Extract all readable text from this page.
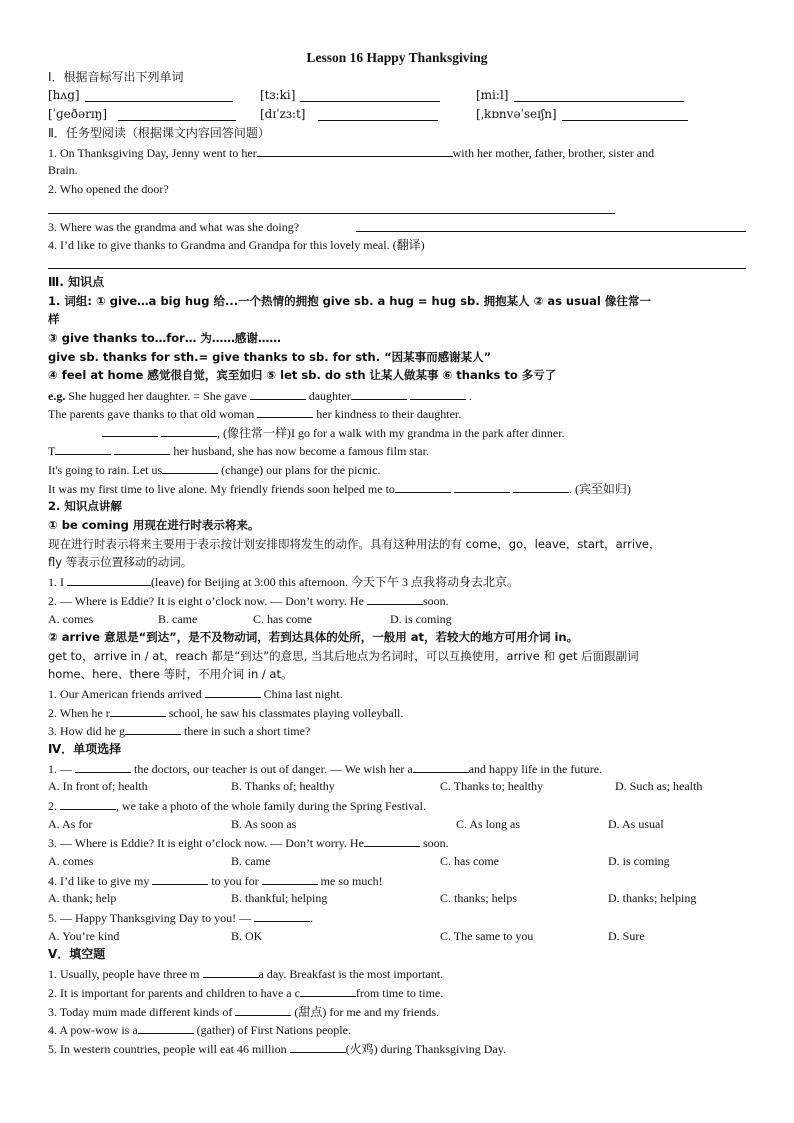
Lesson 16 Happy Thanksgiving
Ⅰ．根据音标写出下列单词
[hʌg]	[tɜ:ki]	[mi:l]
[ˈɡeðərɪŋ]	[dɪˈzɜ:t]	[ˌkɒnvəˈseɪʃn]
Ⅱ．任务型阅读（根据课文内容回答问题）
1. On Thanksgiving Day, Jenny went to her	with her mother, father, brother, sister and
Brain.
2. Who opened the door?
3. Where was the grandma and what was she doing?
4. I’d like to give thanks to Grandma and Grandpa for this lovely meal. (翻译)
Ⅲ. 知识点
1. 词组: ① give…a big hug 给...一个热情的拥抱 give sb. a hug = hug sb. 拥抱某人 ② as usual 像往常一
样
③ give thanks to…for… 为……感谢……
give sb. thanks for sth.= give thanks to sb. for sth. “因某事而感谢某人”
④ feel at home 感觉很自觉，宾至如归 ⑤ let sb. do sth 让某人做某事 ⑥ thanks to 多亏了
e.g. She hugged her daughter. = She gave	daughter	.
The parents gave thanks to that old woman	her kindness to their daughter.
, (像往常一样)I go for a walk with my grandma in the park after dinner.
T	her husband, she has now become a famous film star.
It's going to rain. Let us	(change) our plans for the picnic.
It was my first time to live alone. My friendly friends soon helped me to	. (宾至如归)
2. 知识点讲解
① be coming 用现在进行时表示将来。
现在进行时表示将来主要用于表示按计划安排即将发生的动作。具有这种用法的有 come，go，leave，start，arrive，
fly 等表示位置移动的动词。
1. I	(leave) for Beijing at 3:00 this afternoon. 今天下午 3 点我将动身去北京。
2. — Where is Eddie? It is eight o’clock now. — Don’t worry. He	soon.
A. comes	B. came	C. has come	D. is coming
② arrive 意思是“到达”，是不及物动词，若到达具体的处所，一般用 at，若较大的地方可用介词 in。
get to，arrive in / at，reach 都是“到达”的意思, 当其后地点为名词时，可以互换使用，arrive 和 get 后面跟副词
home、here、there 等时，不用介词 in / at。
1. Our American friends arrived	China last night.
2. When he r	school, he saw his classmates playing volleyball.
3. How did he g	there in such a short time?
Ⅳ．单项选择
1. —	the doctors, our teacher is out of danger. — We wish her a	and happy life in the future.
A. In front of; health	B. Thanks of; healthy	C. Thanks to; healthy	D. Such as; health
2.	, we take a photo of the whole family during the Spring Festival.
A. As for	B. As soon as	C. As long as	D. As usual
3. — Where is Eddie? It is eight o’clock now. — Don’t worry. He	soon.
A. comes	B. came	C. has come	D. is coming
4. I’d like to give my	to you for	me so much!
A. thank; help	B. thankful; helping	C. thanks; helps	D. thanks; helping
5. — Happy Thanksgiving Day to you! —	.
A. You’re kind	B. OK	C. The same to you	D. Sure
Ⅴ．填空题
1. Usually, people have three m	a day. Breakfast is the most important.
2. It is important for parents and children to have a c	from time to time.
3. Today mum made different kinds of	(甜点) for me and my friends.
4. A pow-wow is a	(gather) of First Nations people.
5. In western countries, people will eat 46 million	(火鸡) during Thanksgiving Day.
